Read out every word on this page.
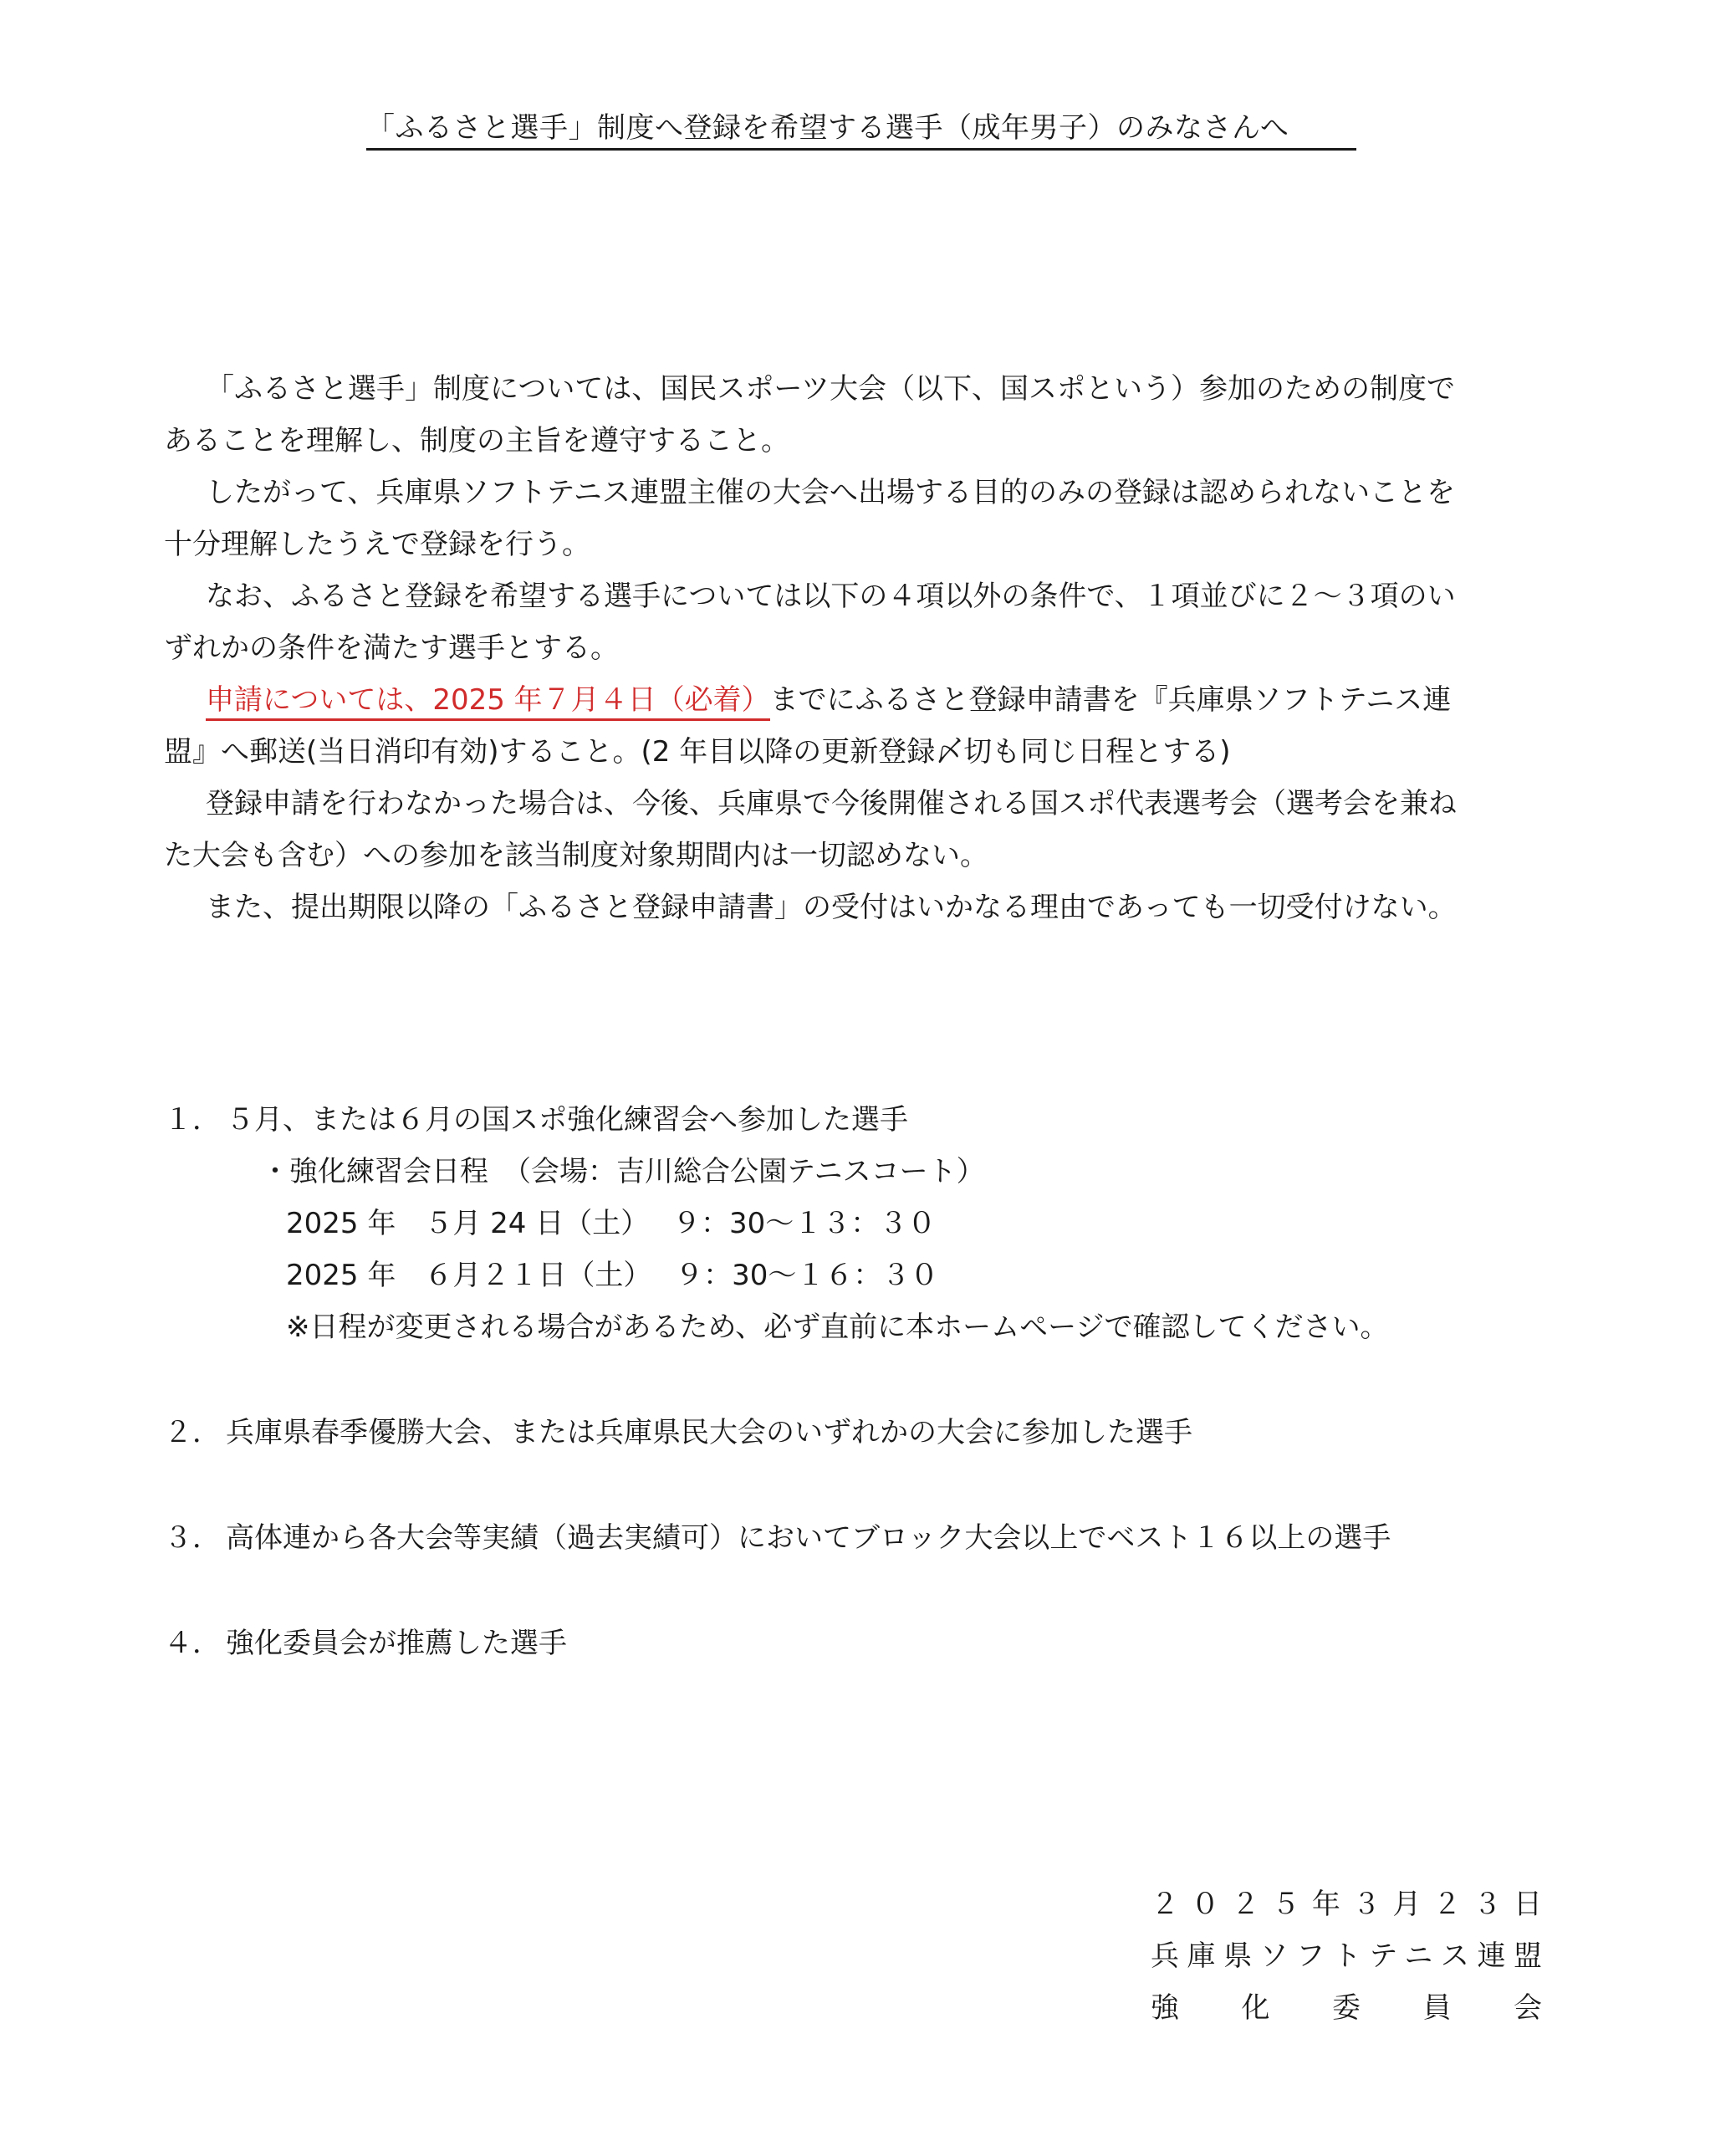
「ふるさと選手」制度へ登録を希望する選手（成年男子）のみなさんへ
「ふるさと選手」制度については、国民スポーツ大会（以下、国スポという）参加のための制度で
あることを理解し、制度の主旨を遵守すること。
したがって、兵庫県ソフトテニス連盟主催の大会へ出場する目的のみの登録は認められないことを
十分理解したうえで登録を行う。
なお、ふるさと登録を希望する選手については以下の４項以外の条件で、１項並びに２～３項のい
ずれかの条件を満たす選手とする。
申請については、2025 年７月４日（必着）までにふるさと登録申請書を『兵庫県ソフトテニス連
盟』へ郵送(当日消印有効)すること。(2 年目以降の更新登録〆切も同じ日程とする)
登録申請を行わなかった場合は、今後、兵庫県で今後開催される国スポ代表選考会（選考会を兼ね
た大会も含む）への参加を該当制度対象期間内は一切認めない。
また、提出期限以降の「ふるさと登録申請書」の受付はいかなる理由であっても一切受付けない。
１． ５月、または６月の国スポ強化練習会へ参加した選手
・強化練習会日程　（会場：吉川総合公園テニスコート）
2025 年　５月 24 日（土）　 ９：30～１３：３０
2025 年　６月２１日（土）　 ９：30～１６：３０
※日程が変更される場合があるため、必ず直前に本ホームページで確認してください。
２． 兵庫県春季優勝大会、または兵庫県民大会のいずれかの大会に参加した選手
３． 高体連から各大会等実績（過去実績可）においてブロック大会以上でベスト１６以上の選手
４． 強化委員会が推薦した選手
２０２５年３月２３日
兵庫県ソフトテニス連盟
強化委員会
